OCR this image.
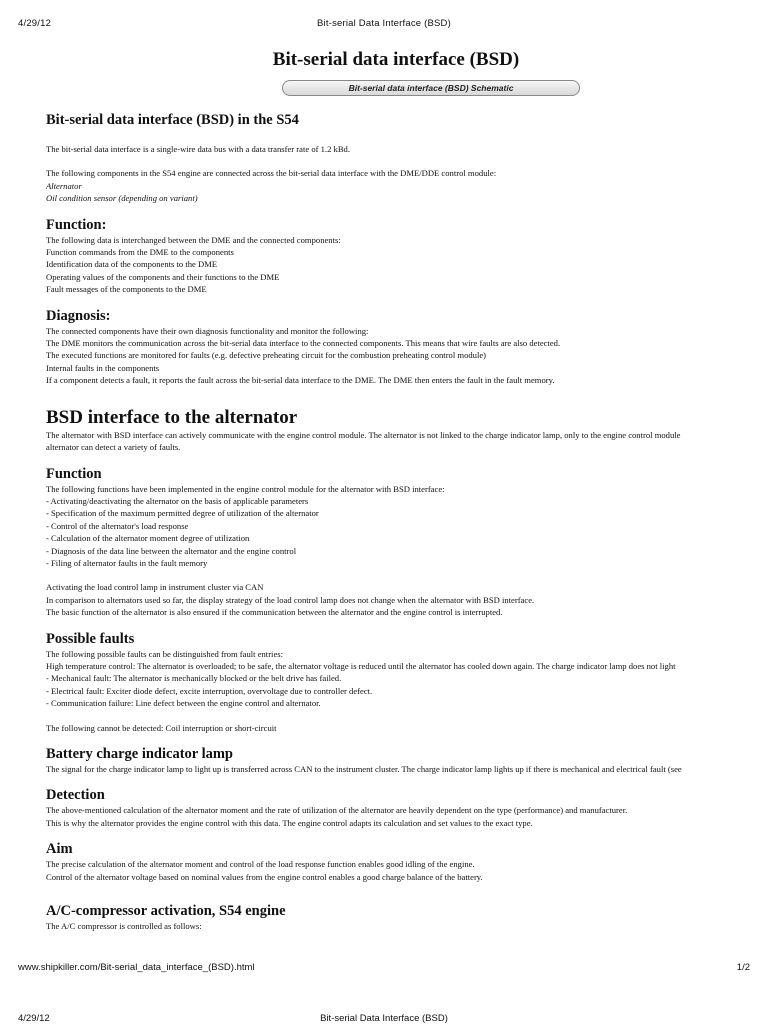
4/29/12	Bit-serial Data Interface (BSD)
Bit-serial data interface (BSD)
Bit-serial data interface (BSD) Schematic
Bit-serial data interface (BSD) in the S54

The bit-serial data interface is a single-wire data bus with a data transfer rate of 1.2 kBd.

The following components in the S54 engine are connected across the bit-serial data interface with the DME/DDE control module:

Alternator

Oil condition sensor (depending on variant)

Function:

The following data is interchanged between the DME and the connected components:

Function commands from the DME to the components

Identification data of the components to the DME

Operating values of the components and their functions to the DME

Fault messages of the components to the DME

Diagnosis:

The connected components have their own diagnosis functionality and monitor the following:

The DME monitors the communication across the bit-serial data interface to the connected components. This means that wire faults are also detected.

The executed functions are monitored for faults (e.g. defective preheating circuit for the combustion preheating control module)

Internal faults in the components

If a component detects a fault, it reports the fault across the bit-serial data interface to the DME. The DME then enters the fault in the fault memory.

BSD interface to the alternator

The alternator with BSD interface can actively communicate with the engine control module. The alternator is not linked to the charge indicator lamp, only to the engine control module

alternator can detect a variety of faults.

Function

The following functions have been implemented in the engine control module for the alternator with BSD interface:

- Activating/deactivating the alternator on the basis of applicable parameters

- Specification of the maximum permitted degree of utilization of the alternator

- Control of the alternator's load response

- Calculation of the alternator moment degree of utilization

- Diagnosis of the data line between the alternator and the engine control

- Filing of alternator faults in the fault memory

Activating the load control lamp in instrument cluster via CAN

In comparison to alternators used so far, the display strategy of the load control lamp does not change when the alternator with BSD interface.

The basic function of the alternator is also ensured if the communication between the alternator and the engine control is interrupted.

Possible faults

The following possible faults can be distinguished from fault entries:

High temperature control: The alternator is overloaded; to be safe, the alternator voltage is reduced until the alternator has cooled down again. The charge indicator lamp does not light

- Mechanical fault: The alternator is mechanically blocked or the belt drive has failed.

- Electrical fault: Exciter diode defect, excite interruption, overvoltage due to controller defect.

- Communication failure: Line defect between the engine control and alternator.

The following cannot be detected: Coil interruption or short-circuit

Battery charge indicator lamp

The signal for the charge indicator lamp to light up is transferred across CAN to the instrument cluster. The charge indicator lamp lights up if there is mechanical and electrical fault (see

Detection

The above-mentioned calculation of the alternator moment and the rate of utilization of the alternator are heavily dependent on the type (performance) and manufacturer.

This is why the alternator provides the engine control with this data. The engine control adapts its calculation and set values to the exact type.

Aim

The precise calculation of the alternator moment and control of the load response function enables good idling of the engine.

Control of the alternator voltage based on nominal values from the engine control enables a good charge balance of the battery.

A/C-compressor activation, S54 engine

The A/C compressor is controlled as follows:

www.shipkiller.com/Bit-serial_data_interface_(BSD).html	1/2
4/29/12	Bit-serial Data Interface (BSD)
